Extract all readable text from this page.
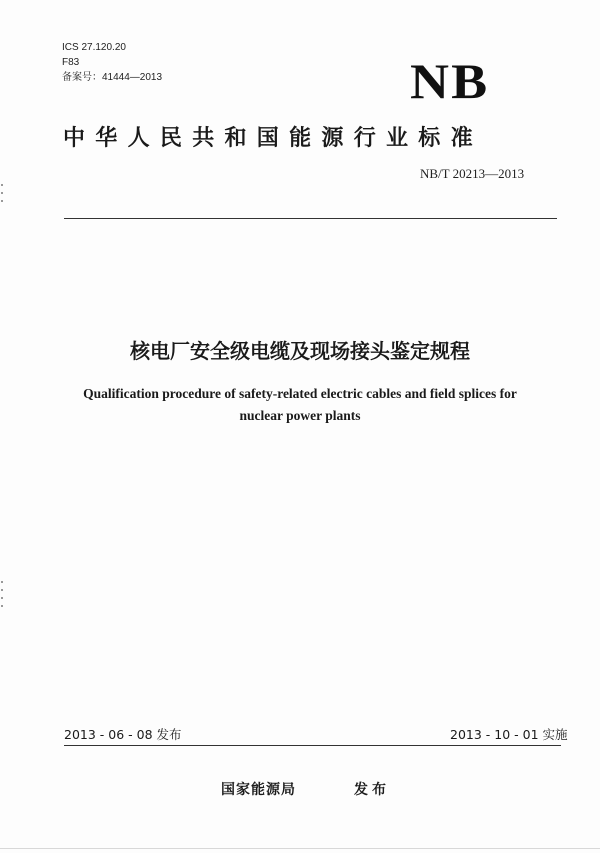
ICS 27.120.20
F83
备案号：41444—2013	NB
中华人民共和国能源行业标准
NB/T 20213—2013
核电厂安全级电缆及现场接头鉴定规程
Qualification procedure of safety-related electric cables and field splices for
nuclear power plants
2013 - 06 - 08 发布	2013 - 10 - 01 实施
国家能源局	发布
